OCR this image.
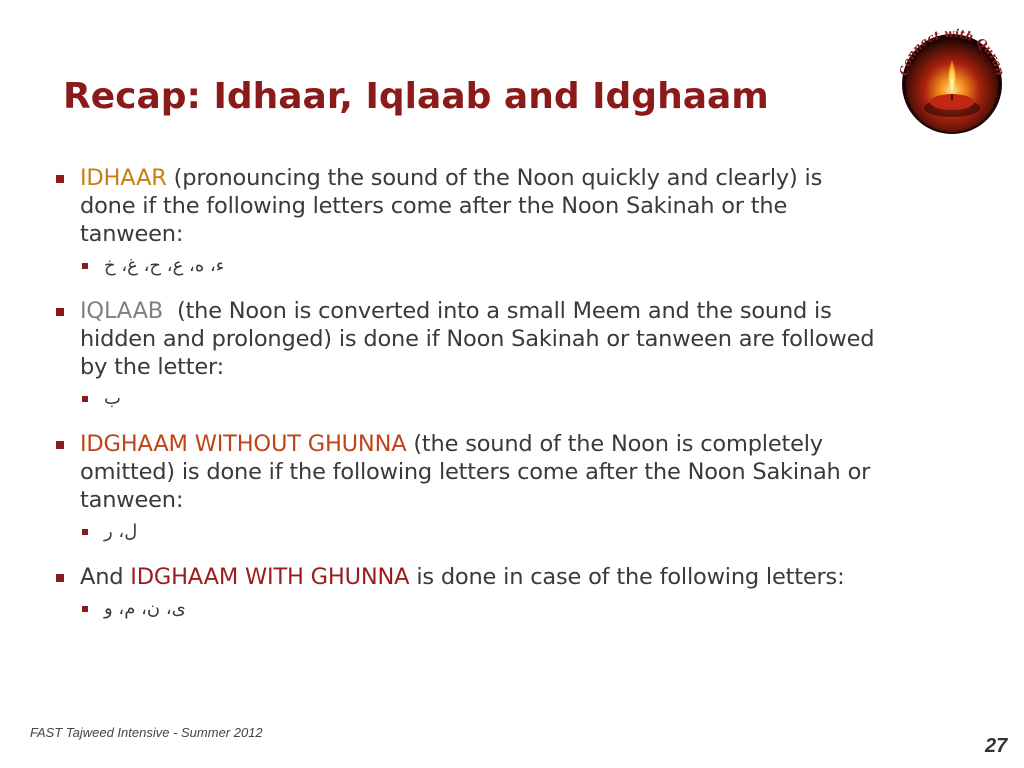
Recap: Idhaar, Iqlaab and Idghaam
Connect with Quran
IDHAAR (pronouncing the sound of the Noon quickly and clearly) is done if the following letters come after the Noon Sakinah or the tanween:
ء، ه، ع، ح، غ، خ
IQLAAB  (the Noon is converted into a small Meem and the sound is hidden and prolonged) is done if Noon Sakinah or tanween are followed by the letter:
ب
IDGHAAM WITHOUT GHUNNA (the sound of the Noon is completely omitted) is done if the following letters come after the Noon Sakinah or tanween:
ل، ر
And IDGHAAM WITH GHUNNA is done in case of the following letters:
ی، ن، م، و
FAST Tajweed Intensive - Summer 2012
27
